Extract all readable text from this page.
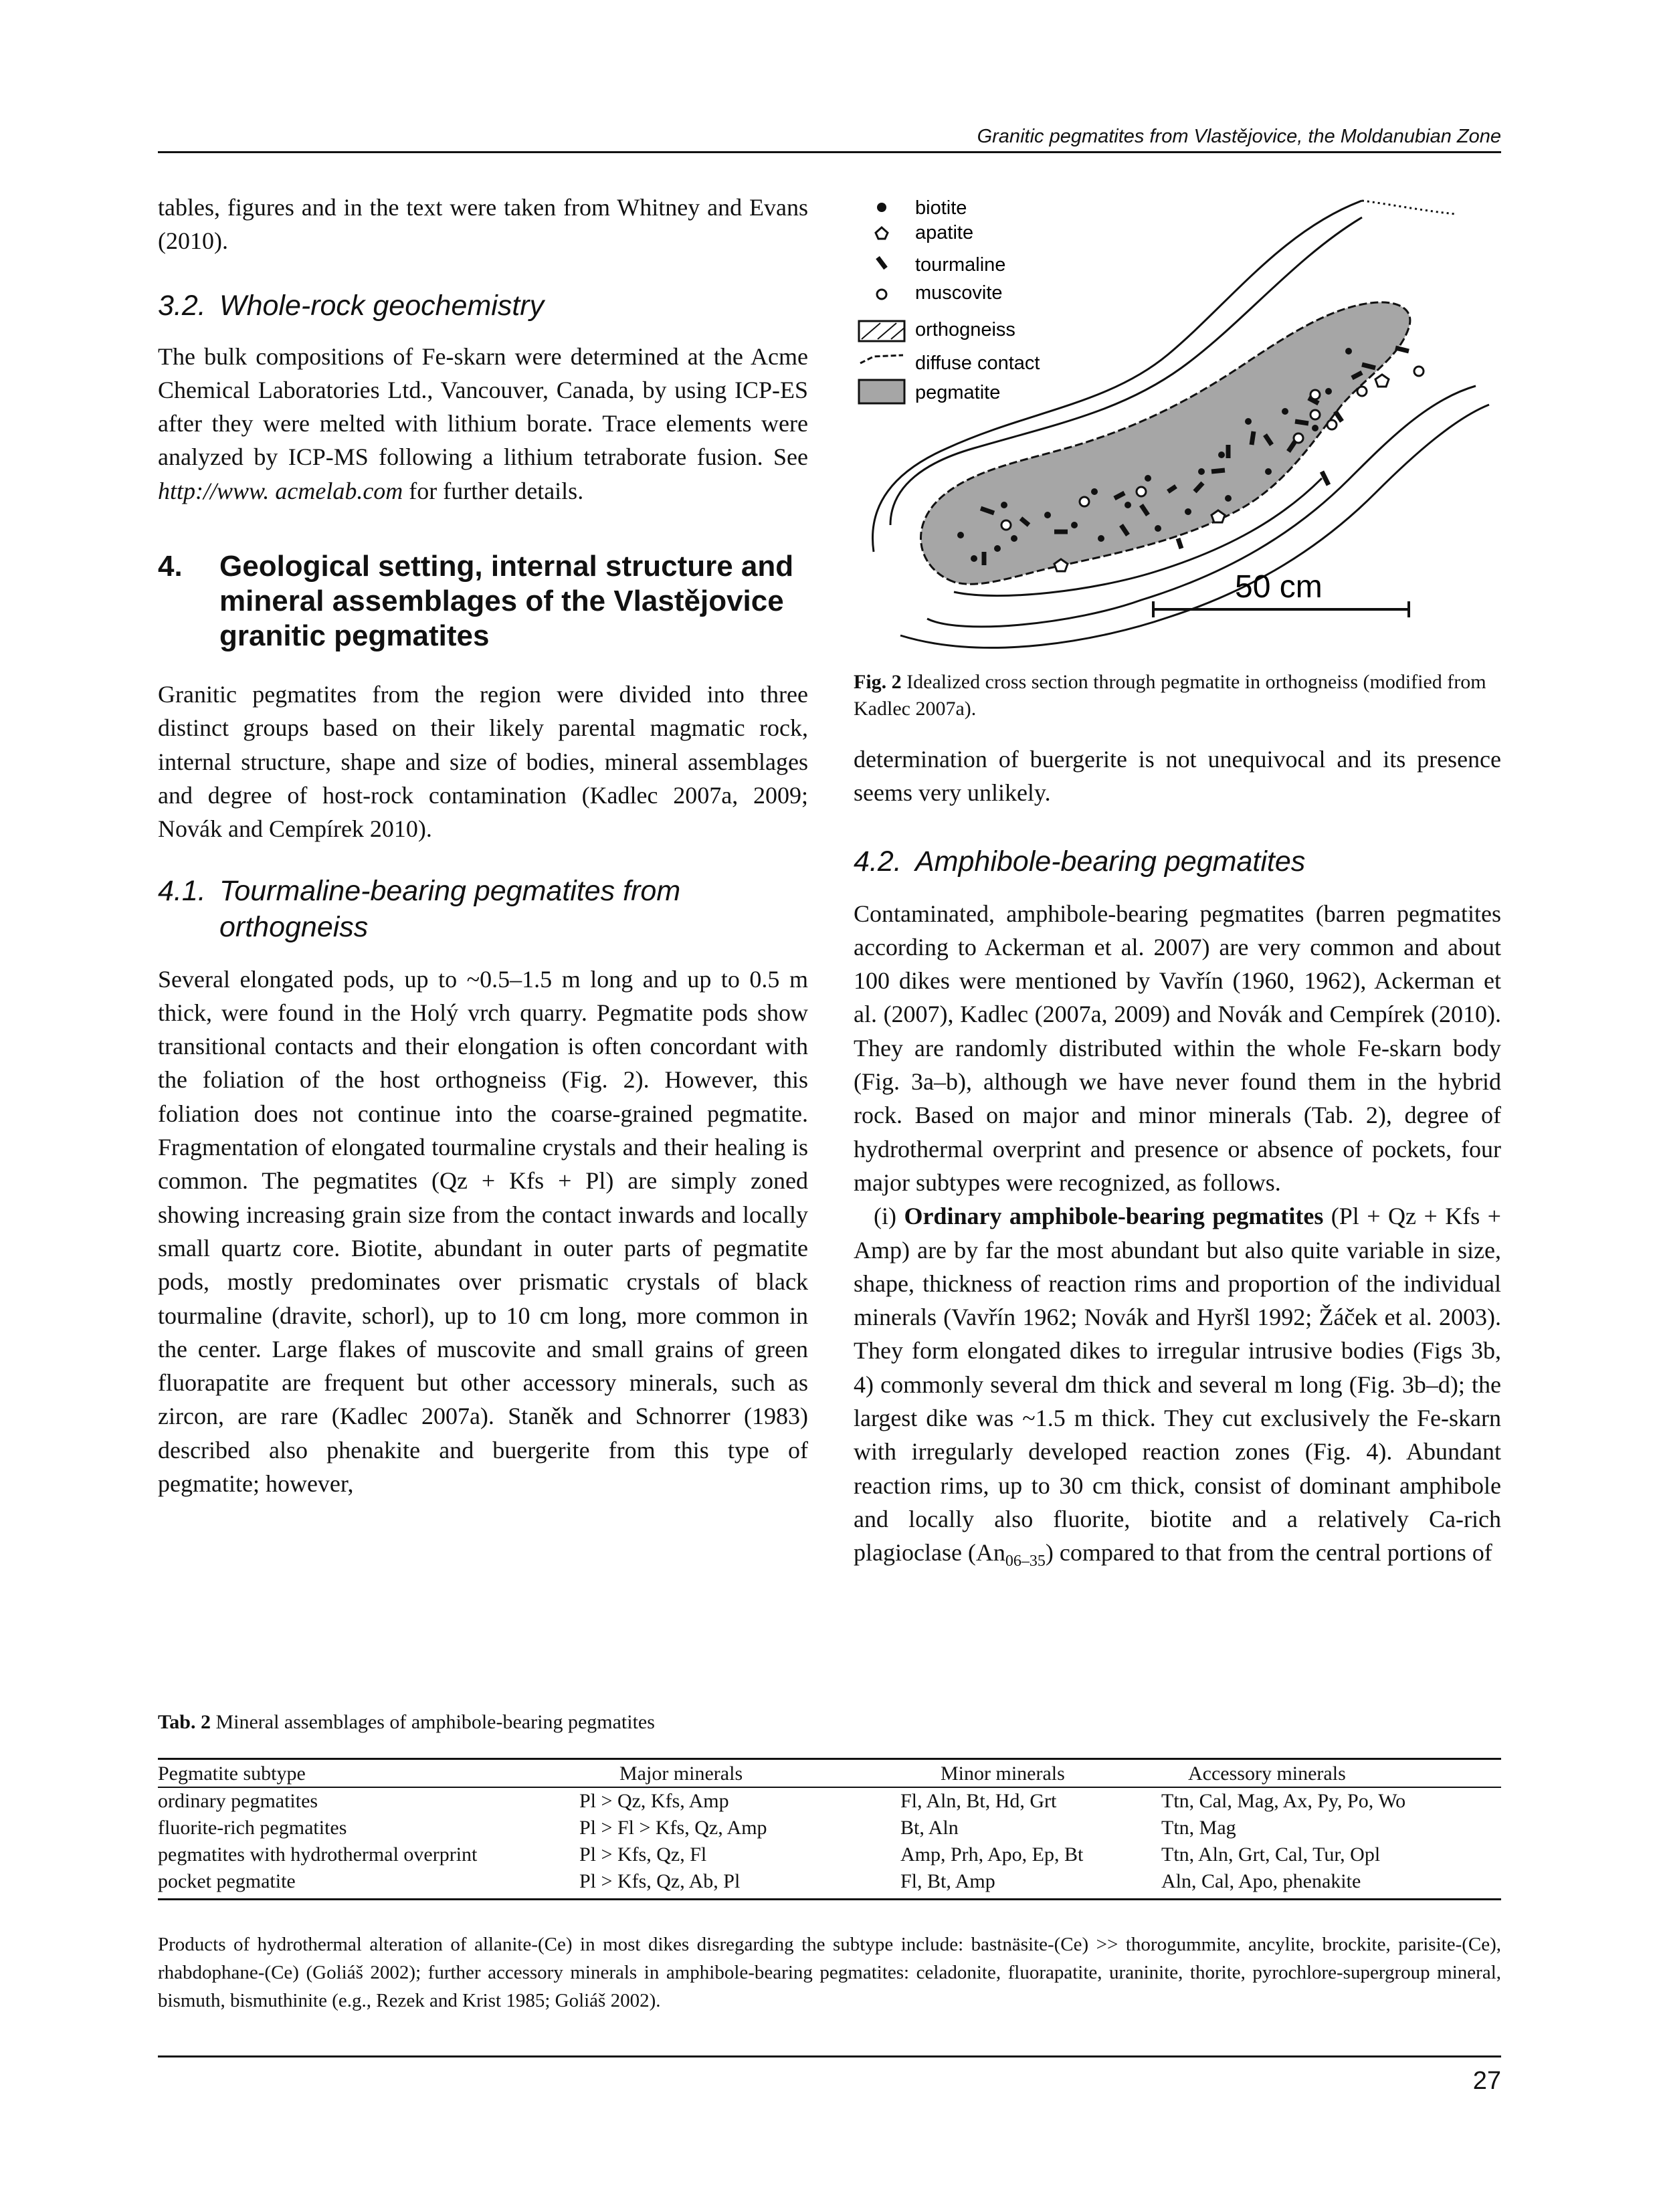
Granitic pegmatites from Vlastějovice, the Moldanubian Zone

tables, figures and in the text were taken from Whitney and Evans (2010).

3.2. Whole-rock geochemistry

The bulk compositions of Fe-skarn were determined at the Acme Chemical Laboratories Ltd., Vancouver, Canada, by using ICP-ES after they were melted with lithium borate. Trace elements were analyzed by ICP-MS following a lithium tetraborate fusion. See http://www. acmelab.com for further details.

4. Geological setting, internal structure and mineral assemblages of the Vlastějovice granitic pegmatites

Granitic pegmatites from the region were divided into three distinct groups based on their likely parental magmatic rock, internal structure, shape and size of bodies, mineral assemblages and degree of host-rock contamination (Kadlec 2007a, 2009; Novák and Cempírek 2010).

4.1. Tourmaline-bearing pegmatites from orthogneiss

Several elongated pods, up to ~0.5–1.5 m long and up to 0.5 m thick, were found in the Holý vrch quarry. Pegmatite pods show transitional contacts and their elongation is often concordant with the foliation of the host orthogneiss (Fig. 2). However, this foliation does not continue into the coarse-grained pegmatite. Fragmentation of elongated tourmaline crystals and their healing is common. The pegmatites (Qz + Kfs + Pl) are simply zoned showing increasing grain size from the contact inwards and locally small quartz core. Biotite, abundant in outer parts of pegmatite pods, mostly predominates over prismatic crystals of black tourmaline (dravite, schorl), up to 10 cm long, more common in the center. Large flakes of muscovite and small grains of green fluorapatite are frequent but other accessory minerals, such as zircon, are rare (Kadlec 2007a). Staněk and Schnorrer (1983) described also phenakite and buergerite from this type of pegmatite; however,

biotite
apatite
tourmaline
muscovite
orthogneiss
diffuse contact
pegmatite
50 cm
Fig. 2 Idealized cross section through pegmatite in orthogneiss (modified from Kadlec 2007a).

determination of buergerite is not unequivocal and its presence seems very unlikely.

4.2. Amphibole-bearing pegmatites

Contaminated, amphibole-bearing pegmatites (barren pegmatites according to Ackerman et al. 2007) are very common and about 100 dikes were mentioned by Vavřín (1960, 1962), Ackerman et al. (2007), Kadlec (2007a, 2009) and Novák and Cempírek (2010). They are randomly distributed within the whole Fe-skarn body (Fig. 3a–b), although we have never found them in the hybrid rock. Based on major and minor minerals (Tab. 2), degree of hydrothermal overprint and presence or absence of pockets, four major subtypes were recognized, as follows.

(i) Ordinary amphibole-bearing pegmatites (Pl + Qz + Kfs + Amp) are by far the most abundant but also quite variable in size, shape, thickness of reaction rims and proportion of the individual minerals (Vavřín 1962; Novák and Hyršl 1992; Žáček et al. 2003). They form elongated dikes to irregular intrusive bodies (Figs 3b, 4) commonly several dm thick and several m long (Fig. 3b–d); the largest dike was ~1.5 m thick. They cut exclusively the Fe-skarn with irregularly developed reaction zones (Fig. 4). Abundant reaction rims, up to 30 cm thick, consist of dominant amphibole and locally also fluorite, biotite and a relatively Ca-rich plagioclase $(An_{06-35})$ compared to that from the central portions of

Tab. 2 Mineral assemblages of amphibole-bearing pegmatites
Pegmatite subtype	Major minerals	Minor minerals	Accessory minerals
ordinary pegmatites	Pl > Qz, Kfs, Amp	Fl, Aln, Bt, Hd, Grt	Ttn, Cal, Mag, Ax, Py, Po, Wo
fluorite-rich pegmatites	Pl > Fl > Kfs, Qz, Amp	Bt, Aln	Ttn, Mag
pegmatites with hydrothermal overprint	Pl > Kfs, Qz, Fl	Amp, Prh, Apo, Ep, Bt	Ttn, Aln, Grt, Cal, Tur, Opl
pocket pegmatite	Pl > Kfs, Qz, Ab, Pl	Fl, Bt, Amp	Aln, Cal, Apo, phenakite

Products of hydrothermal alteration of allanite-(Ce) in most dikes disregarding the subtype include: bastnäsite-(Ce) >> thorogummite, ancylite, brockite, parisite-(Ce), rhabdophane-(Ce) (Goliáš 2002); further accessory minerals in amphibole-bearing pegmatites: celadonite, fluorapatite, uraninite, thorite, pyrochlore-supergroup mineral, bismuth, bismuthinite (e.g., Rezek and Krist 1985; Goliáš 2002).

27
